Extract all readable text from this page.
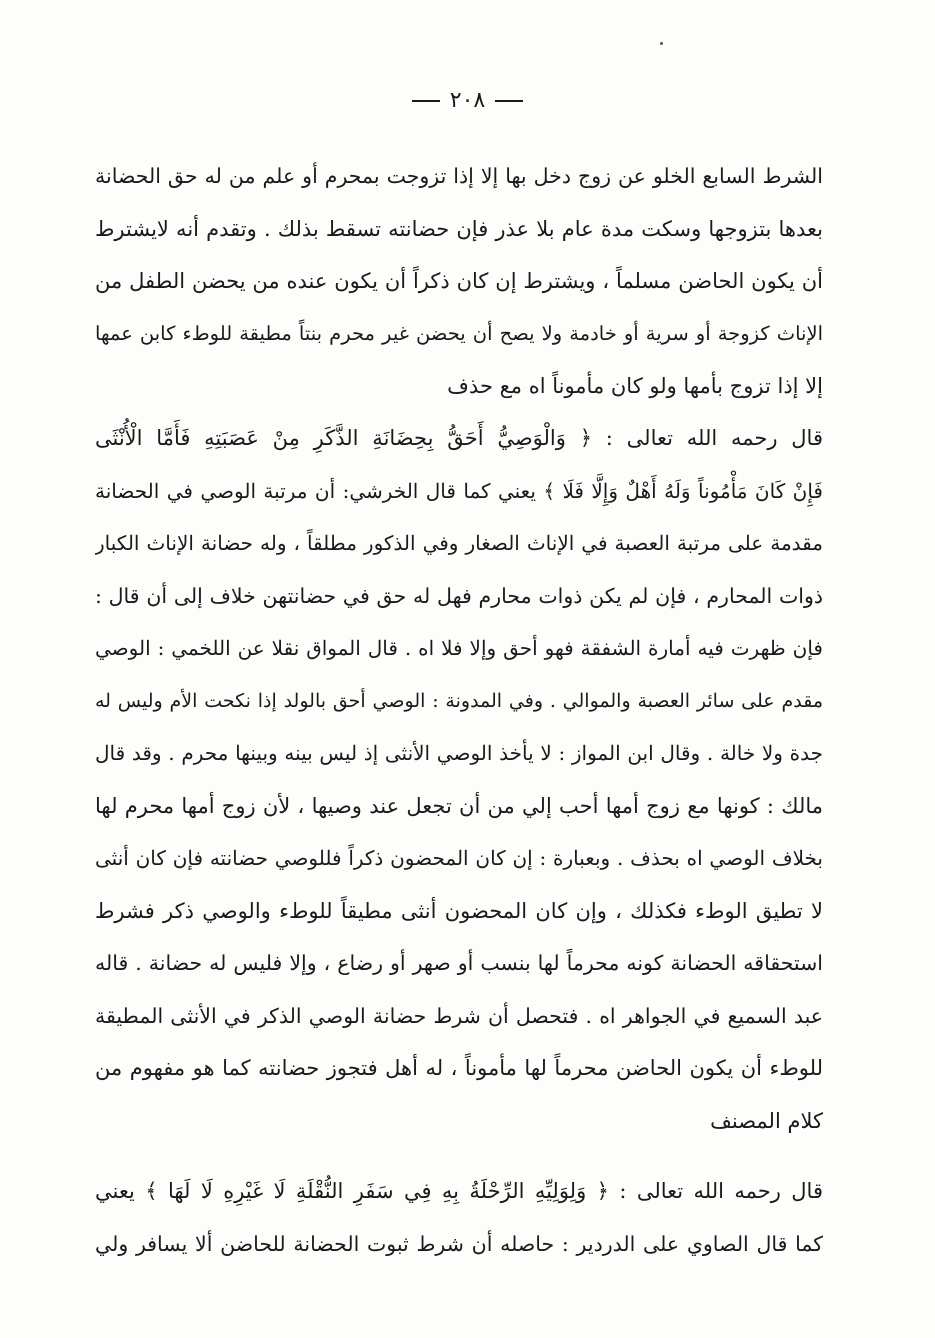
٢٠٨
الشرط السابع الخلو عن زوج دخل بها إلا إذا تزوجت بمحرم أو علم من له حق الحضانة
بعدها بتزوجها وسكت مدة عام بلا عذر فإن حضانته تسقط بذلك . وتقدم أنه لايشترط
أن يكون الحاضن مسلماً ، ويشترط إن كان ذكراً أن يكون عنده من يحضن الطفل من
الإناث كزوجة أو سرية أو خادمة ولا يصح أن يحضن غير محرم بنتاً مطيقة للوطء كابن عمها
إلا إذا تزوج بأمها ولو كان مأموناً اه مع حذف
قال رحمه الله تعالى : ﴿ وَالْوَصِيُّ أَحَقُّ بِحِضَانَةِ الذَّكَرِ مِنْ عَصَبَتِهِ فَأَمَّا الْأُنْثَى
فَإِنْ كَانَ مَأْمُوناً وَلَهُ أَهْلٌ وَإِلَّا فَلَا ﴾ يعني كما قال الخرشي: أن مرتبة الوصي في الحضانة
مقدمة على مرتبة العصبة في الإناث الصغار وفي الذكور مطلقاً ، وله حضانة الإناث الكبار
ذوات المحارم ، فإن لم يكن ذوات محارم فهل له حق في حضانتهن خلاف إلى أن قال :
فإن ظهرت فيه أمارة الشفقة فهو أحق وإلا فلا اه . قال المواق نقلا عن اللخمي : الوصي
مقدم على سائر العصبة والموالي . وفي المدونة : الوصي أحق بالولد إذا نكحت الأم وليس له
جدة ولا خالة . وقال ابن المواز : لا يأخذ الوصي الأنثى إذ ليس بينه وبينها محرم . وقد قال
مالك : كونها مع زوج أمها أحب إلي من أن تجعل عند وصيها ، لأن زوج أمها محرم لها
بخلاف الوصي اه بحذف . وبعبارة : إن كان المحضون ذكراً فللوصي حضانته فإن كان أنثى
لا تطيق الوطء فكذلك ، وإن كان المحضون أنثى مطيقاً للوطء والوصي ذكر فشرط
استحقاقه الحضانة كونه محرماً لها بنسب أو صهر أو رضاع ، وإلا فليس له حضانة . قاله
عبد السميع في الجواهر اه . فتحصل أن شرط حضانة الوصي الذكر في الأنثى المطيقة
للوطء أن يكون الحاضن محرماً لها مأموناً ، له أهل فتجوز حضانته كما هو مفهوم من
كلام المصنف
قال رحمه الله تعالى : ﴿ وَلِوَلِيِّهِ الرِّحْلَةُ بِهِ فِي سَفَرِ النُّقْلَةِ لَا غَيْرِهِ لَا لَهَا ﴾ يعني
كما قال الصاوي على الدردير : حاصله أن شرط ثبوت الحضانة للحاضن ألا يسافر ولي
